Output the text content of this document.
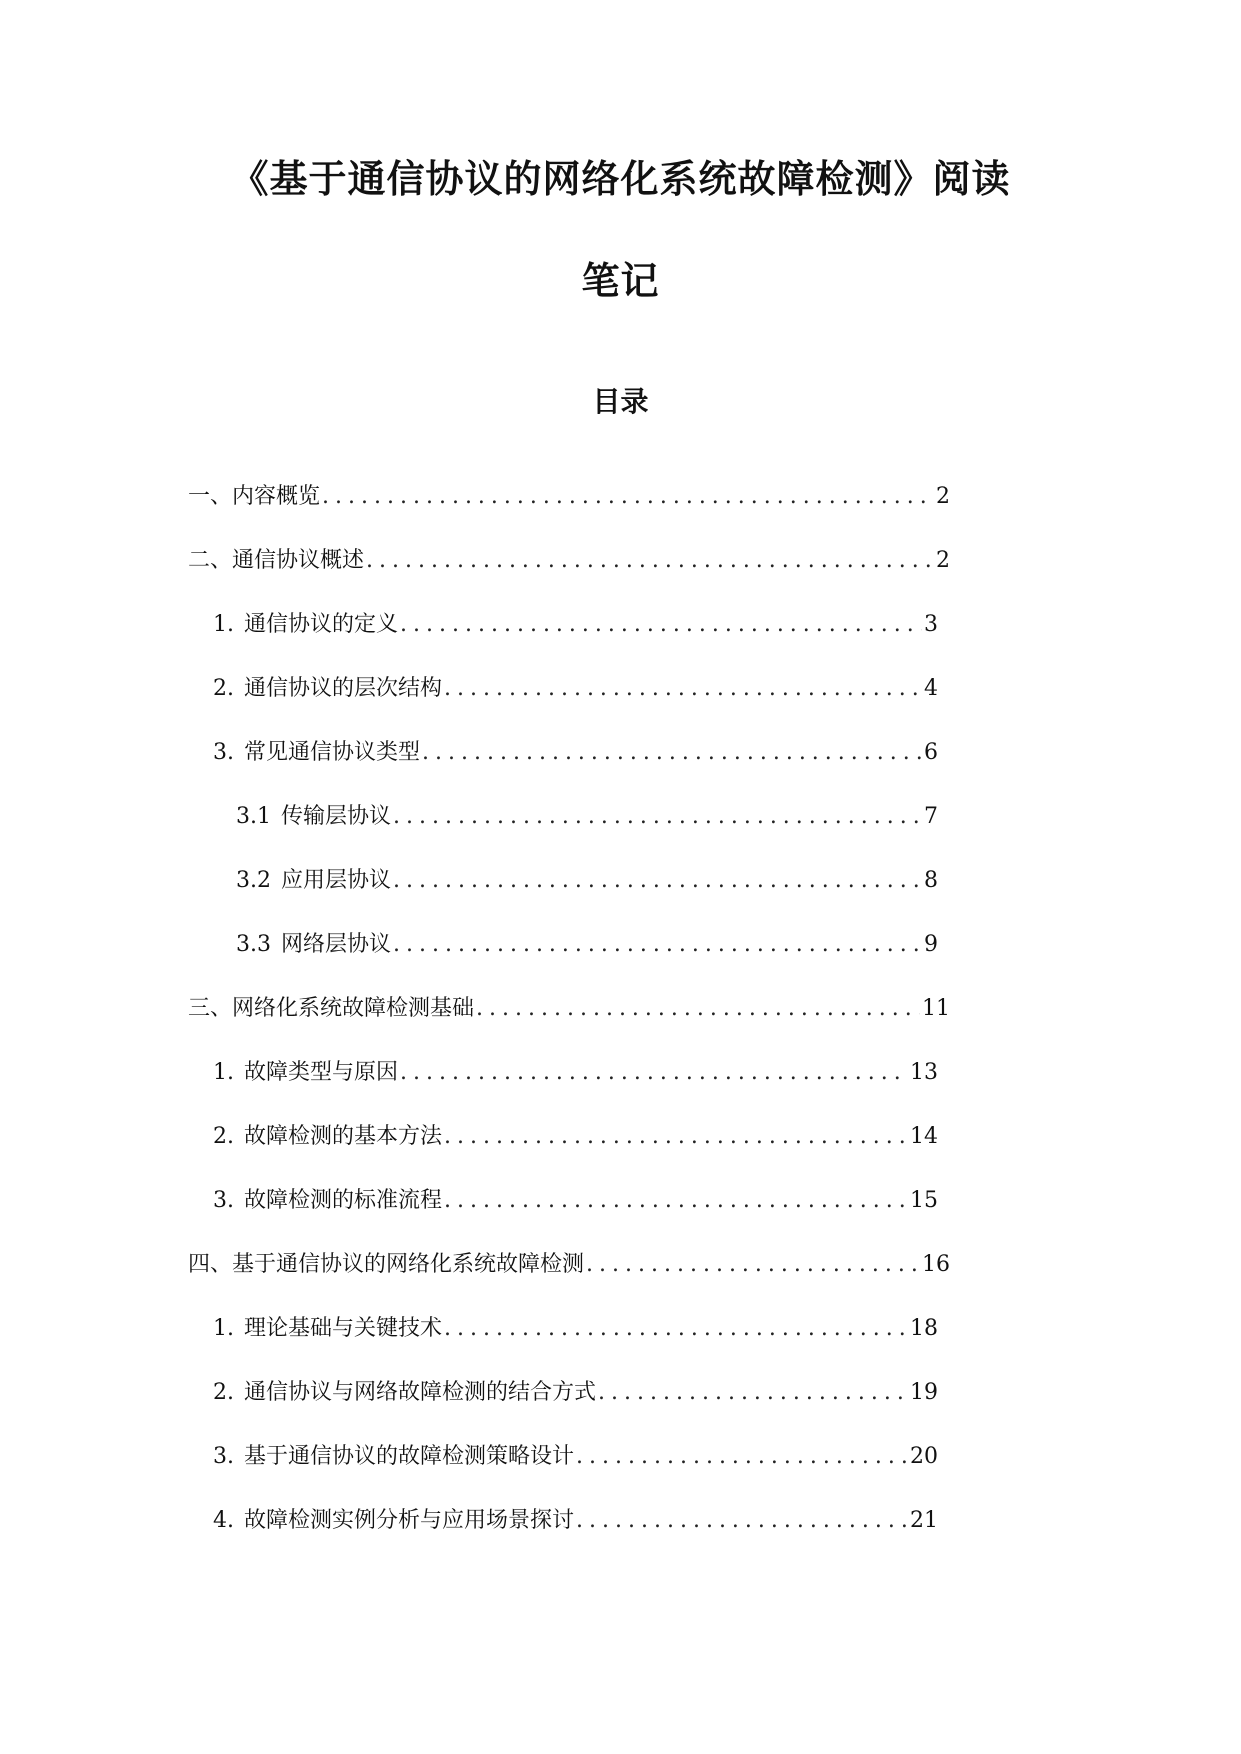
《基于通信协议的网络化系统故障检测》阅读
笔记
目录
一、内容概览 .....	2
二、通信协议概述 .....	2
1. 通信协议的定义 .....	3
2. 通信协议的层次结构 .....	4
3. 常见通信协议类型 .....	6
3.1 传输层协议 .....	7
3.2 应用层协议 .....	8
3.3 网络层协议 .....	9
三、网络化系统故障检测基础 .....	11
1. 故障类型与原因 .....	13
2. 故障检测的基本方法 .....	14
3. 故障检测的标准流程 .....	15
四、基于通信协议的网络化系统故障检测 .....	16
1. 理论基础与关键技术 .....	18
2. 通信协议与网络故障检测的结合方式 .....	19
3. 基于通信协议的故障检测策略设计 .....	20
4. 故障检测实例分析与应用场景探讨 .....	21
